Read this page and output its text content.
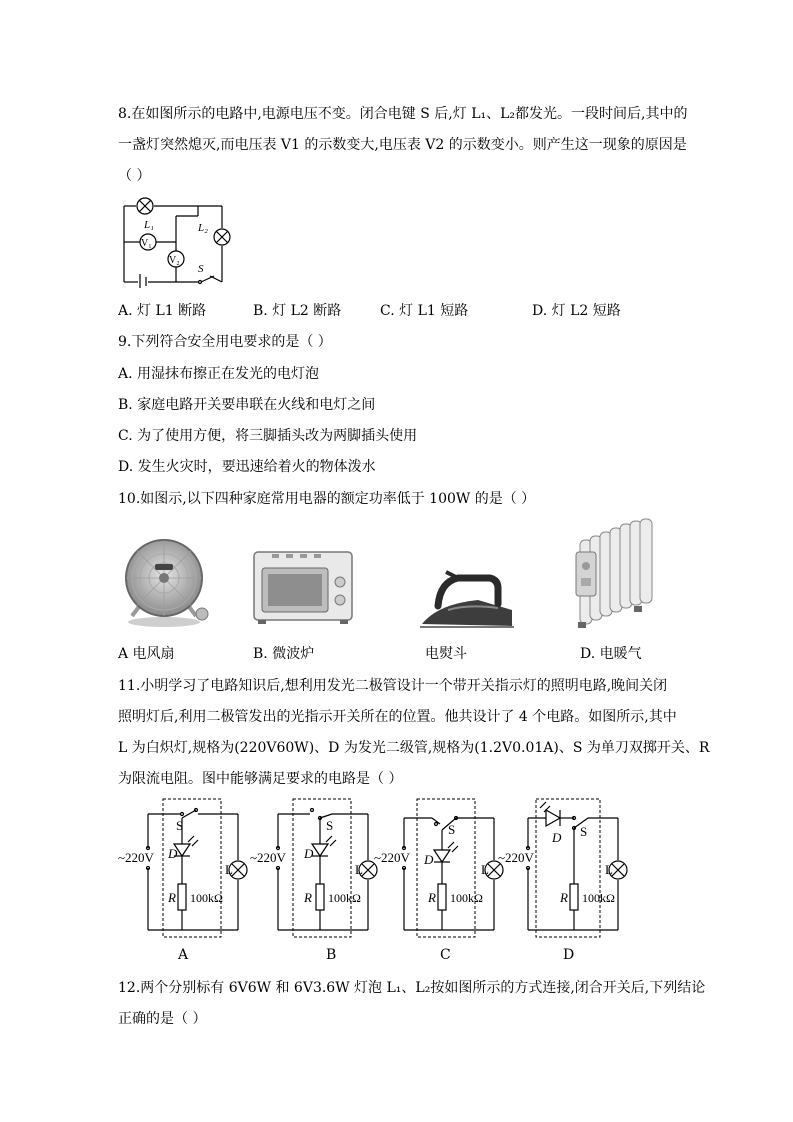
8.在如图所示的电路中,电源电压不变。闭合电键 S 后,灯 L₁、L₂都发光。一段时间后,其中的
一盏灯突然熄灭,而电压表 V1 的示数变大,电压表 V2 的示数变小。则产生这一现象的原因是
（ ）
L₁	L₂
V₁
V₂
S
A. 灯 L1 断路	B. 灯 L2 断路	C. 灯 L1 短路	D. 灯 L2 短路
9.下列符合安全用电要求的是（ ）
A. 用湿抹布擦正在发光的电灯泡
B. 家庭电路开关要串联在火线和电灯之间
C. 为了使用方便，将三脚插头改为两脚插头使用
D. 发生火灾时，要迅速给着火的物体泼水
10.如图示,以下四种家庭常用电器的额定功率低于 100W 的是（ ）
A 电风扇	B. 微波炉	电熨斗	D. 电暖气
11.小明学习了电路知识后,想利用发光二极管设计一个带开关指示灯的照明电路,晚间关闭
照明灯后,利用二极管发出的光指示开关所在的位置。他共设计了 4 个电路。如图所示,其中
L 为白炽灯,规格为(220V60W)、D 为发光二级管,规格为(1.2V0.01A)、S 为单刀双掷开关、R
为限流电阻。图中能够满足要求的电路是（ ）
~220V
S
D
R 100kΩ
L
~220V
S
D
R 100kΩ
L
~220V
S
D
R 100kΩ
L
~220V
S
D
R 100kΩ
L
A	B	C	D
12.两个分别标有 6V6W 和 6V3.6W 灯泡 L₁、L₂按如图所示的方式连接,闭合开关后,下列结论
正确的是（ ）
